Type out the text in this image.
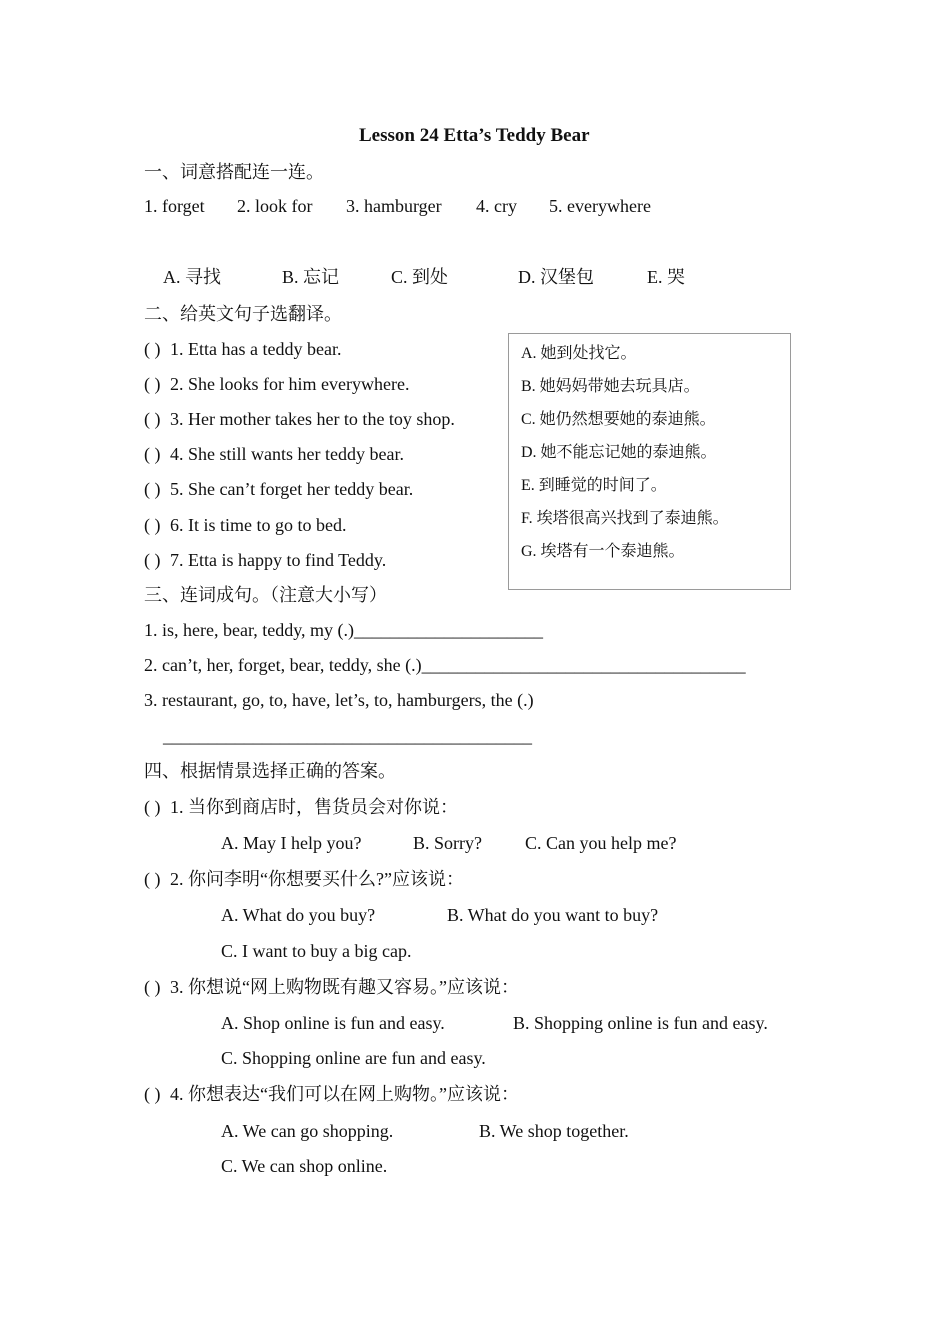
Lesson 24 Etta’s Teddy Bear
一、词意搭配连一连。
1. forget 2. look for 3. hamburger 4. cry 5. everywhere
A. 寻找	B. 忘记	C. 到处	D. 汉堡包	E. 哭
二、给英文句子选翻译。
( ) 1. Etta has a teddy bear.
( ) 2. She looks for him everywhere.
( ) 3. Her mother takes her to the toy shop.
( ) 4. She still wants her teddy bear.
( ) 5. She can’t forget her teddy bear.
( ) 6. It is time to go to bed.
( ) 7. Etta is happy to find Teddy.
A. 她到处找它。
B. 她妈妈带她去玩具店。
C. 她仍然想要她的泰迪熊。
D. 她不能忘记她的泰迪熊。
E. 到睡觉的时间了。
F. 埃塔很高兴找到了泰迪熊。
G. 埃塔有一个泰迪熊。
三、连词成句。（注意大小写）
1. is, here, bear, teddy, my (.)_____________________
2. can’t, her, forget, bear, teddy, she (.)____________________________________
3. restaurant, go, to, have, let’s, to, hamburgers, the (.)
_________________________________________
四、根据情景选择正确的答案。
( ) 1. 当你到商店时，售货员会对你说：
A. May I help you?	B. Sorry? C. Can you help me?
( ) 2. 你问李明“你想要买什么?”应该说：
A. What do you buy?	B. What do you want to buy?
C. I want to buy a big cap.
( ) 3. 你想说“网上购物既有趣又容易。”应该说：
A. Shop online is fun and easy.	B. Shopping online is fun and easy.
C. Shopping online are fun and easy.
( ) 4. 你想表达“我们可以在网上购物。”应该说：
A. We can go shopping.	B. We shop together.
C. We can shop online.
